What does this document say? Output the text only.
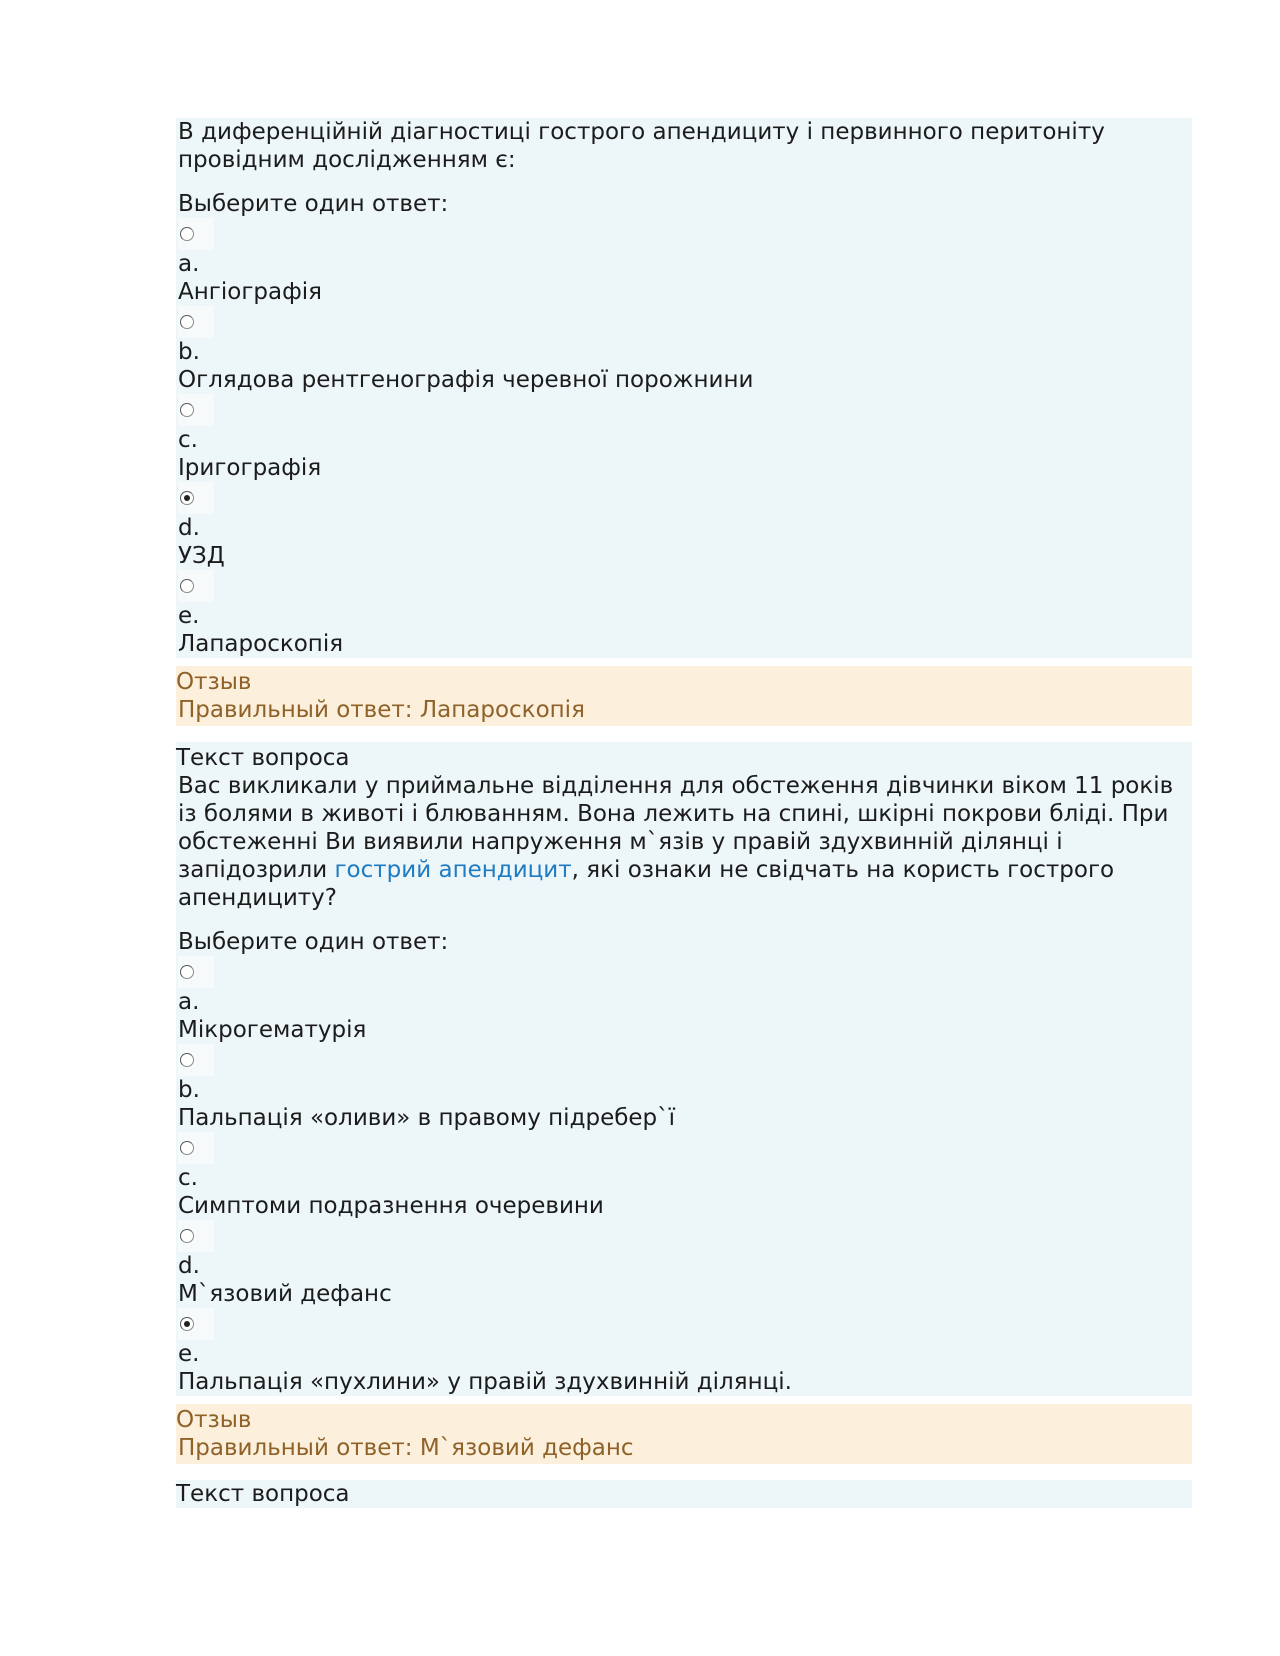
В диференційній діагностиці гострого апендициту і первинного перитоніту провідним дослідженням є:

Выберите один ответ:

a.

Ангіографія

b.

Оглядова рентгенографія черевної порожнини

c.

Іригографія

d.

УЗД

e.

Лапароскопія

Отзыв

Правильный ответ: Лапароскопія

Текст вопроса

Вас викликали у приймальне відділення для обстеження дівчинки віком 11 років із болями в животі і блюванням. Вона лежить на спині, шкірні покрови бліді. При обстеженні Ви виявили напруження м`язів у правій здухвинній ділянці і запідозрили гострий апендицит, які ознаки не свідчать на користь гострого апендициту?

Выберите один ответ:

a.

Мікрогематурія

b.

Пальпація «оливи» в правому підребер`ї

c.

Симптоми подразнення очеревини

d.

М`язовий дефанс

e.

Пальпація «пухлини» у правій здухвинній ділянці.

Отзыв

Правильный ответ: М`язовий дефанс

Текст вопроса
